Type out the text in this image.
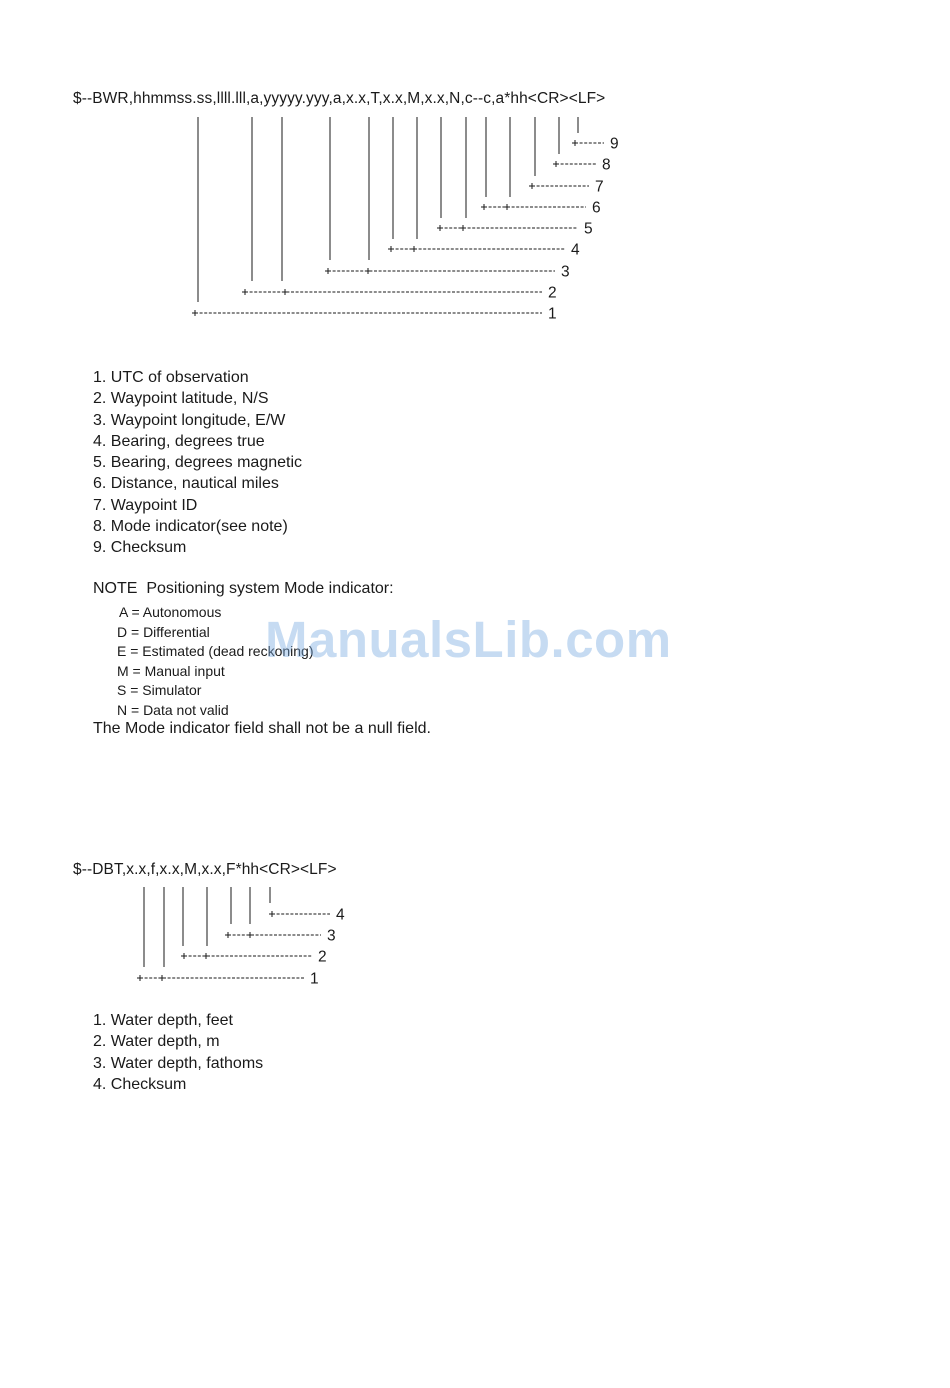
$--BWR,hhmmss.ss,llll.lll,a,yyyyy.yyy,a,x.x,T,x.x,M,x.x,N,c--c,a*hh<CR><LF>
9
8
7
6
5
4
3
2
1
1. UTC of observation
2. Waypoint latitude, N/S
3. Waypoint longitude, E/W
4. Bearing, degrees true
5. Bearing, degrees magnetic
6. Distance, nautical miles
7. Waypoint ID
8. Mode indicator(see note)
9. Checksum
NOTE  Positioning system Mode indicator:
A = Autonomous
D = Differential
E = Estimated (dead reckoning)
M = Manual input
S = Simulator
N = Data not valid
The Mode indicator field shall not be a null field.
ManualsLib.com
$--DBT,x.x,f,x.x,M,x.x,F*hh<CR><LF>
4
3
2
1
1. Water depth, feet
2. Water depth, m
3. Water depth, fathoms
4. Checksum
